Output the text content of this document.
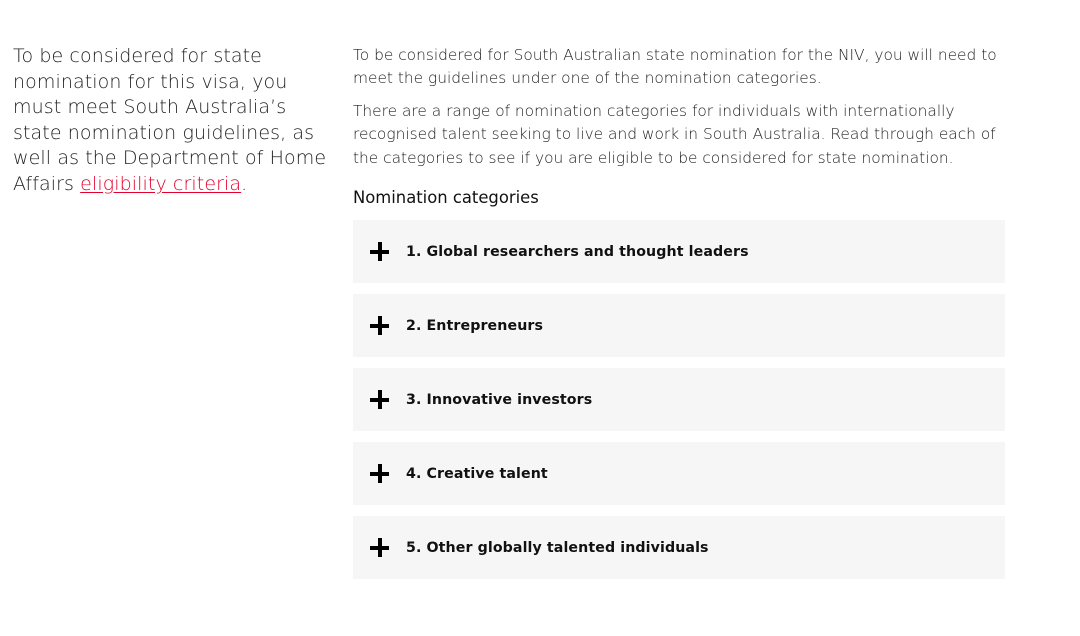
To be considered for state nomination for this visa, you must meet South Australia’s state nomination guidelines, as well as the Department of Home Affairs eligibility criteria.

To be considered for South Australian state nomination for the NIV, you will need to meet the guidelines under one of the nomination categories.

There are a range of nomination categories for individuals with internationally recognised talent seeking to live and work in South Australia. Read through each of the categories to see if you are eligible to be considered for state nomination.

Nomination categories
1. Global researchers and thought leaders
2. Entrepreneurs
3. Innovative investors
4. Creative talent
5. Other globally talented individuals
